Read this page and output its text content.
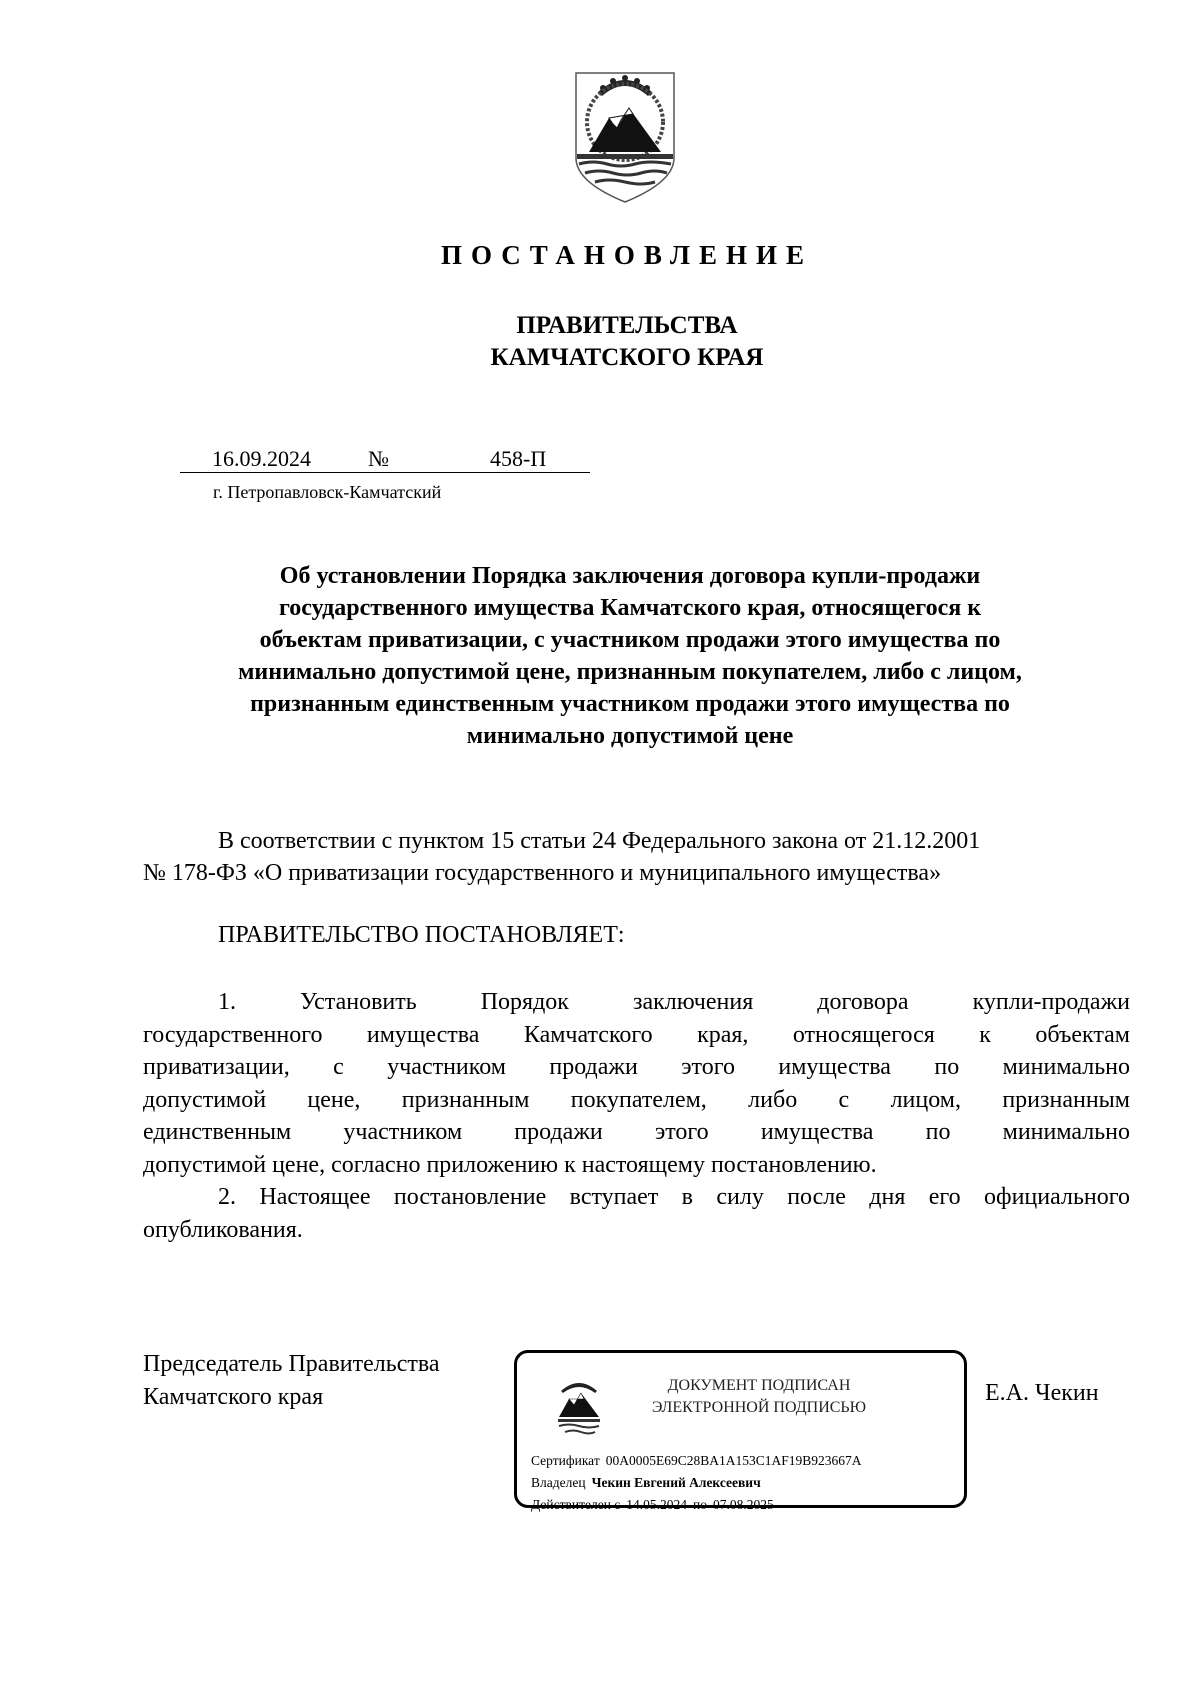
ПОСТАНОВЛЕНИЕ
ПРАВИТЕЛЬСТВА
КАМЧАТСКОГО КРАЯ
16.09.2024	№	458-П
г. Петропавловск-Камчатский
Об установлении Порядка заключения договора купли-продажи
государственного имущества Камчатского края, относящегося к
объектам приватизации, с участником продажи этого имущества по
минимально допустимой цене, признанным покупателем, либо с лицом,
признанным единственным участником продажи этого имущества по
минимально допустимой цене
В соответствии с пунктом 15 статьи 24 Федерального закона от 21.12.2001
№ 178-ФЗ «О приватизации государственного и муниципального имущества»
ПРАВИТЕЛЬСТВО ПОСТАНОВЛЯЕТ:
1. Установить Порядок заключения договора купли-продажи
государственного имущества Камчатского края, относящегося к объектам
приватизации, с участником продажи этого имущества по минимально
допустимой цене, признанным покупателем, либо с лицом, признанным
единственным участником продажи этого имущества по минимально
допустимой цене, согласно приложению к настоящему постановлению.
2. Настоящее постановление вступает в силу после дня его официального
опубликования.
Председатель Правительства
Камчатского края	Е.А. Чекин
ДОКУМЕНТ ПОДПИСАН
ЭЛЕКТРОННОЙ ПОДПИСЬЮ
Сертификат 00A0005E69C28BA1A153C1AF19B923667A
Владелец Чекин Евгений Алексеевич
Действителен с 14.05.2024 по 07.08.2025
